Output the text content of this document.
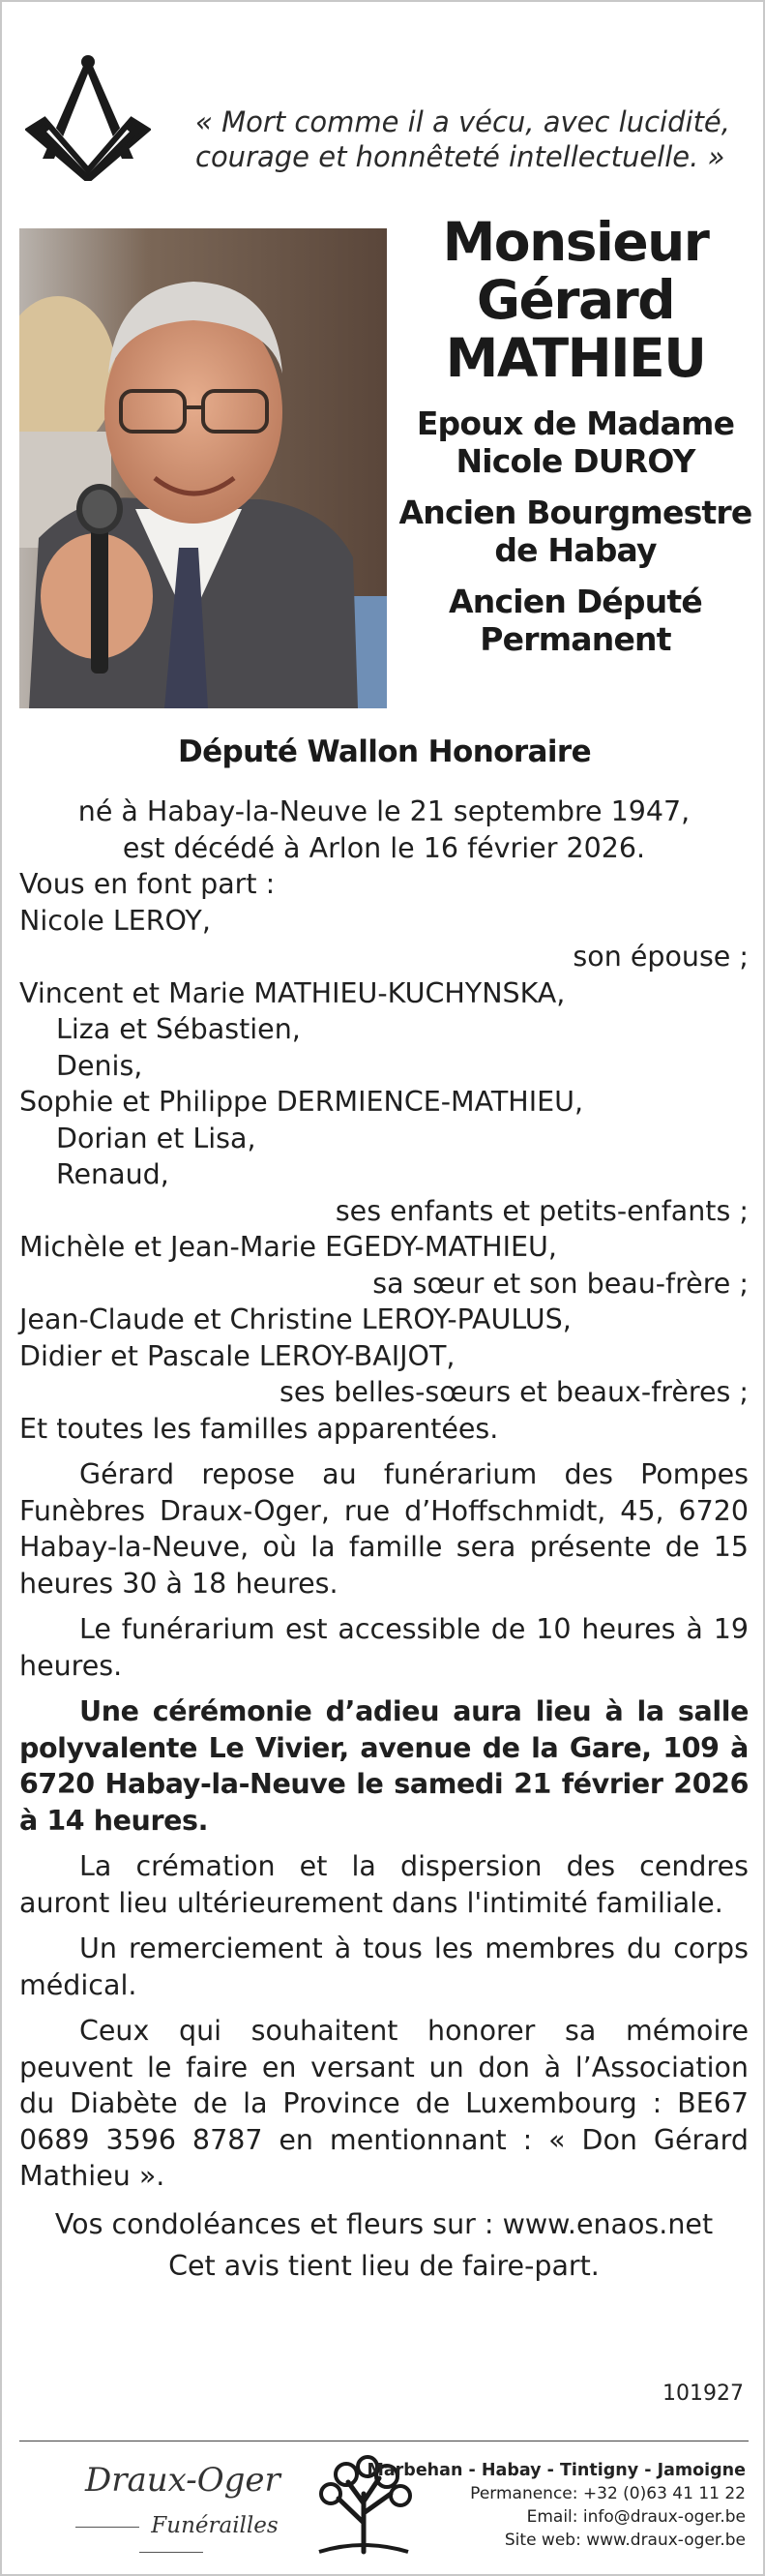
« Mort comme il a vécu, avec lucidité, courage et honnêteté intellectuelle. »
Monsieur
Gérard
MATHIEU
Epoux de Madame
Nicole DUROY
Ancien Bourgmestre
de Habay
Ancien Député
Permanent
Député Wallon Honoraire
né à Habay-la-Neuve le 21 septembre 1947,
est décédé à Arlon le 16 février 2026.
Vous en font part :
Nicole LEROY,
son épouse ;
Vincent et Marie MATHIEU-KUCHYNSKA,
Liza et Sébastien,
Denis,
Sophie et Philippe DERMIENCE-MATHIEU,
Dorian et Lisa,
Renaud,
ses enfants et petits-enfants ;
Michèle et Jean-Marie EGEDY-MATHIEU,
sa sœur et son beau-frère ;
Jean-Claude et Christine LEROY-PAULUS,
Didier et Pascale LEROY-BAIJOT,
ses belles-sœurs et beaux-frères ;
Et toutes les familles apparentées.
Gérard repose au funérarium des Pompes Funèbres Draux-Oger, rue d’Hoffschmidt, 45, 6720 Habay-la-Neuve, où la famille sera présente de 15 heures 30 à 18 heures.
Le funérarium est accessible de 10 heures à 19 heures.
Une cérémonie d’adieu aura lieu à la salle polyvalente Le Vivier, avenue de la Gare, 109 à 6720 Habay-la-Neuve le samedi 21 février 2026 à 14 heures.
La crémation et la dispersion des cendres auront lieu ultérieurement dans l'intimité familiale.
Un remerciement à tous les membres du corps médical.
Ceux qui souhaitent honorer sa mémoire peuvent le faire en versant un don à l’Association du Diabète de la Province de Luxembourg : BE67 0689 3596 8787 en mentionnant : « Don Gérard Mathieu ».
Vos condoléances et fleurs sur : www.enaos.net
Cet avis tient lieu de faire-part.
101927
Draux-Oger
Funérailles
Marbehan - Habay - Tintigny - Jamoigne
Permanence: +32 (0)63 41 11 22
Email: info@draux-oger.be
Site web: www.draux-oger.be
